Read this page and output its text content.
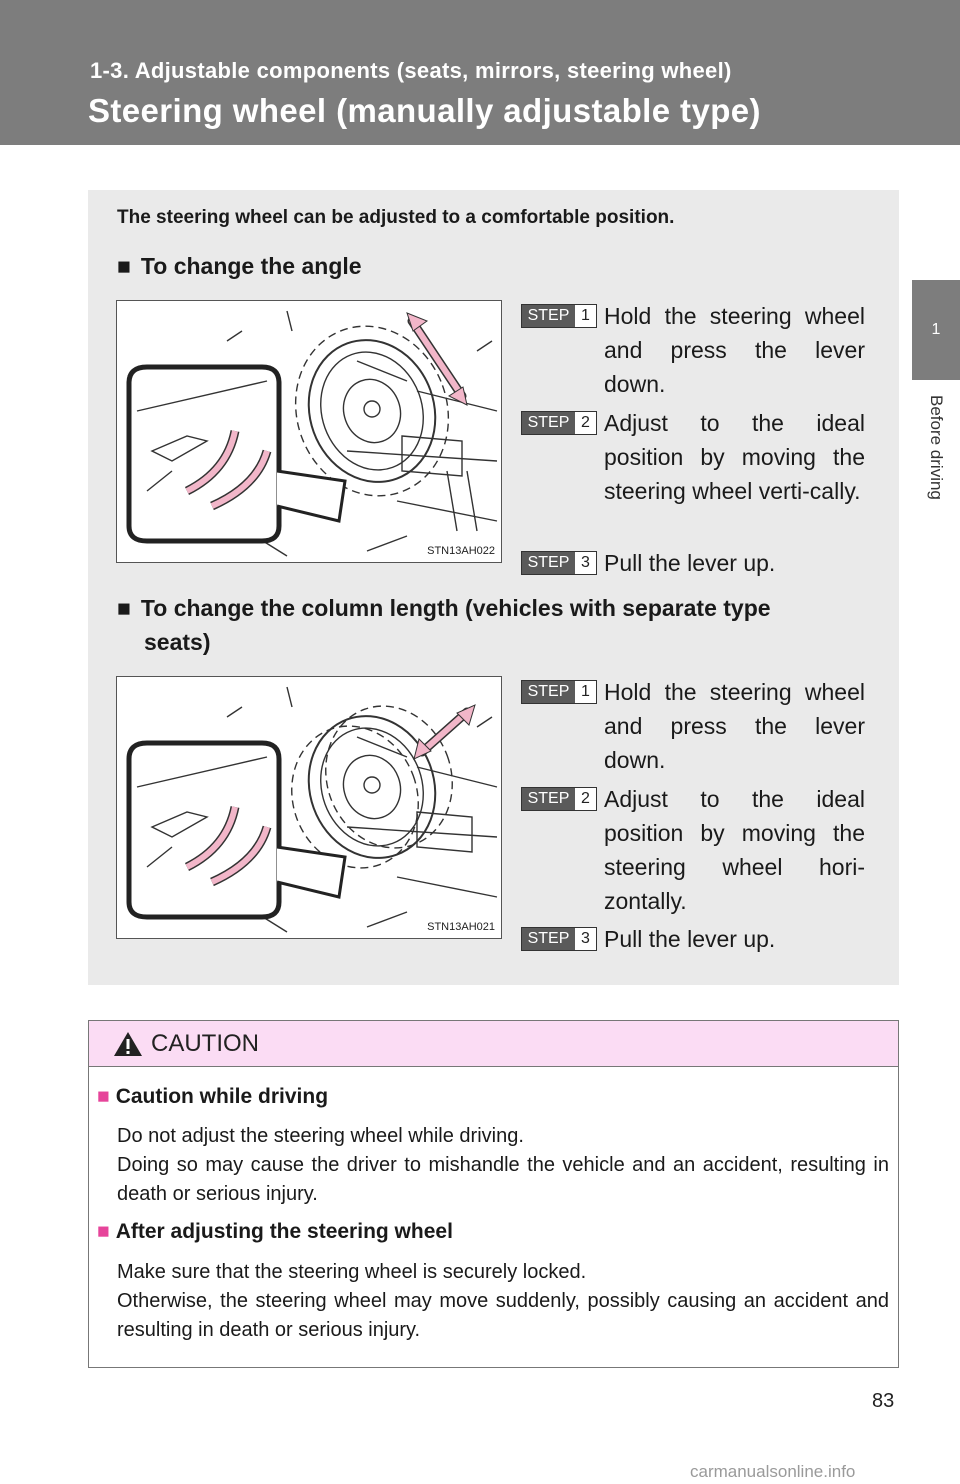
1-3. Adjustable components (seats, mirrors, steering wheel)
Steering wheel (manually adjustable type)
1
Before driving
The steering wheel can be adjusted to a comfortable position.
■ To change the angle
STN13AH022
STEP 1 Hold the steering wheel and press the lever down.
STEP 2 Adjust to the ideal position by moving the steering wheel verti-cally.
STEP 3 Pull the lever up.
■ To change the column length (vehicles with separate type
seats)
STN13AH021
STEP 1 Hold the steering wheel and press the lever down.
STEP 2 Adjust to the ideal position by moving the steering wheel hori-zontally.
STEP 3 Pull the lever up.
CAUTION
■ Caution while driving

Do not adjust the steering wheel while driving.

Doing so may cause the driver to mishandle the vehicle and an accident, resulting in death or serious injury.

■ After adjusting the steering wheel

Make sure that the steering wheel is securely locked.

Otherwise, the steering wheel may move suddenly, possibly causing an accident and resulting in death or serious injury.

83
carmanualsonline.info
